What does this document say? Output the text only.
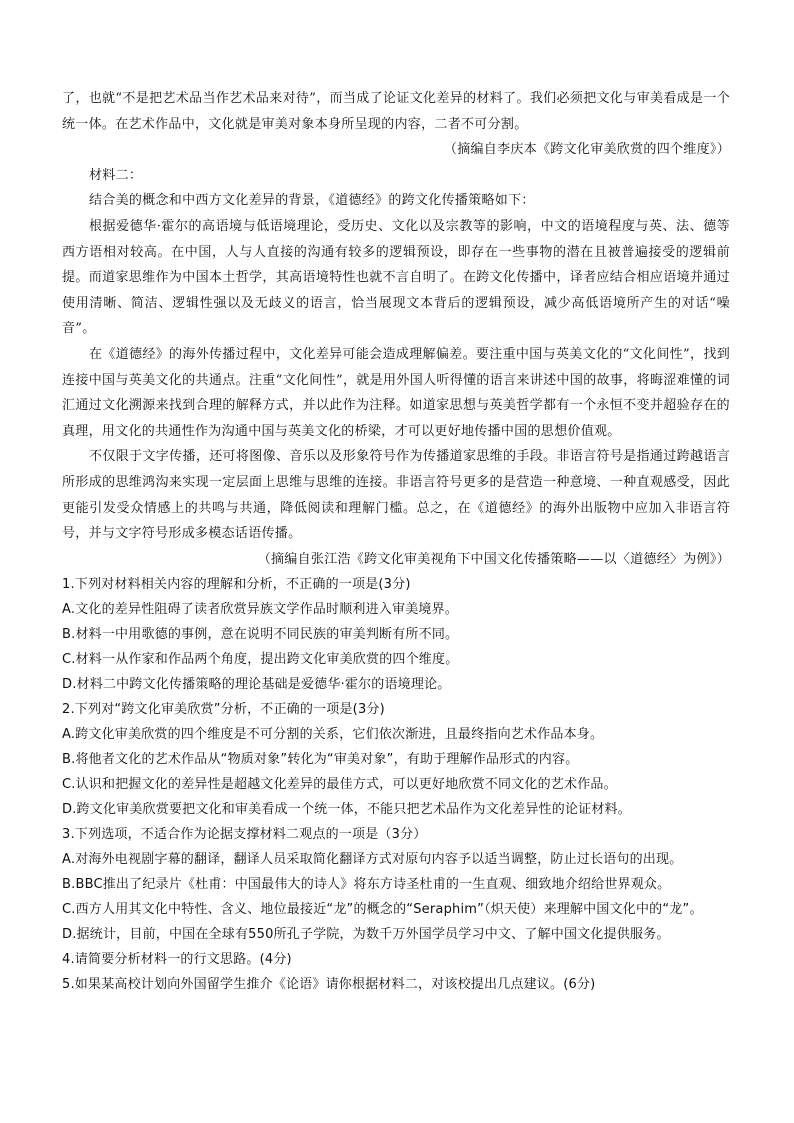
了，也就“不是把艺术品当作艺术品来对待”，而当成了论证文化差异的材料了。我们必须把文化与审美看成是一个统一体。在艺术作品中，文化就是审美对象本身所呈现的内容，二者不可分割。

（摘编自李庆本《跨文化审美欣赏的四个维度》）

材料二：

结合美的概念和中西方文化差异的背景，《道德经》的跨文化传播策略如下：

根据爱德华·霍尔的高语境与低语境理论，受历史、文化以及宗教等的影响，中文的语境程度与英、法、德等西方语相对较高。在中国，人与人直接的沟通有较多的逻辑预设，即存在一些事物的潜在且被普遍接受的逻辑前提。而道家思维作为中国本土哲学，其高语境特性也就不言自明了。在跨文化传播中，译者应结合相应语境并通过使用清晰、简洁、逻辑性强以及无歧义的语言，恰当展现文本背后的逻辑预设，减少高低语境所产生的对话“噪音”。

在《道德经》的海外传播过程中，文化差异可能会造成理解偏差。要注重中国与英美文化的“文化间性”，找到连接中国与英美文化的共通点。注重“文化间性”，就是用外国人听得懂的语言来讲述中国的故事，将晦涩难懂的词汇通过文化溯源来找到合理的解释方式，并以此作为注释。如道家思想与英美哲学都有一个永恒不变并超验存在的真理，用文化的共通性作为沟通中国与英美文化的桥梁，才可以更好地传播中国的思想价值观。

不仅限于文字传播，还可将图像、音乐以及形象符号作为传播道家思维的手段。非语言符号是指通过跨越语言所形成的思维鸿沟来实现一定层面上思维与思维的连接。非语言符号更多的是营造一种意境、一种直观感受，因此更能引发受众情感上的共鸣与共通，降低阅读和理解门槛。总之，在《道德经》的海外出版物中应加入非语言符号，并与文字符号形成多模态话语传播。

（摘编自张江浩《跨文化审美视角下中国文化传播策略——以〈道德经〉为例》）

1.下列对材料相关内容的理解和分析，不正确的一项是(3分)

A.文化的差异性阻碍了读者欣赏异族文学作品时顺利进入审美境界。

B.材料一中用歌德的事例，意在说明不同民族的审美判断有所不同。

C.材料一从作家和作品两个角度，提出跨文化审美欣赏的四个维度。

D.材料二中跨文化传播策略的理论基础是爱德华·霍尔的语境理论。

2.下列对“跨文化审美欣赏”分析，不正确的一项是(3分)

A.跨文化审美欣赏的四个维度是不可分割的关系，它们依次渐进，且最终指向艺术作品本身。

B.将他者文化的艺术作品从“物质对象”转化为“审美对象”，有助于理解作品形式的内容。

C.认识和把握文化的差异性是超越文化差异的最佳方式，可以更好地欣赏不同文化的艺术作品。

D.跨文化审美欣赏要把文化和审美看成一个统一体，不能只把艺术品作为文化差异性的论证材料。

3.下列选项，不适合作为论据支撑材料二观点的一项是（3分）

A.对海外电视剧字幕的翻译，翻译人员采取简化翻译方式对原句内容予以适当调整，防止过长语句的出现。

B.BBC推出了纪录片《杜甫：中国最伟大的诗人》将东方诗圣杜甫的一生直观、细致地介绍给世界观众。

C.西方人用其文化中特性、含义、地位最接近“龙”的概念的“Seraphim”（炽天使）来理解中国文化中的“龙”。

D.据统计，目前，中国在全球有550所孔子学院，为数千万外国学员学习中文、了解中国文化提供服务。

4.请简要分析材料一的行文思路。(4分)

5.如果某高校计划向外国留学生推介《论语》请你根据材料二，对该校提出几点建议。(6分)
